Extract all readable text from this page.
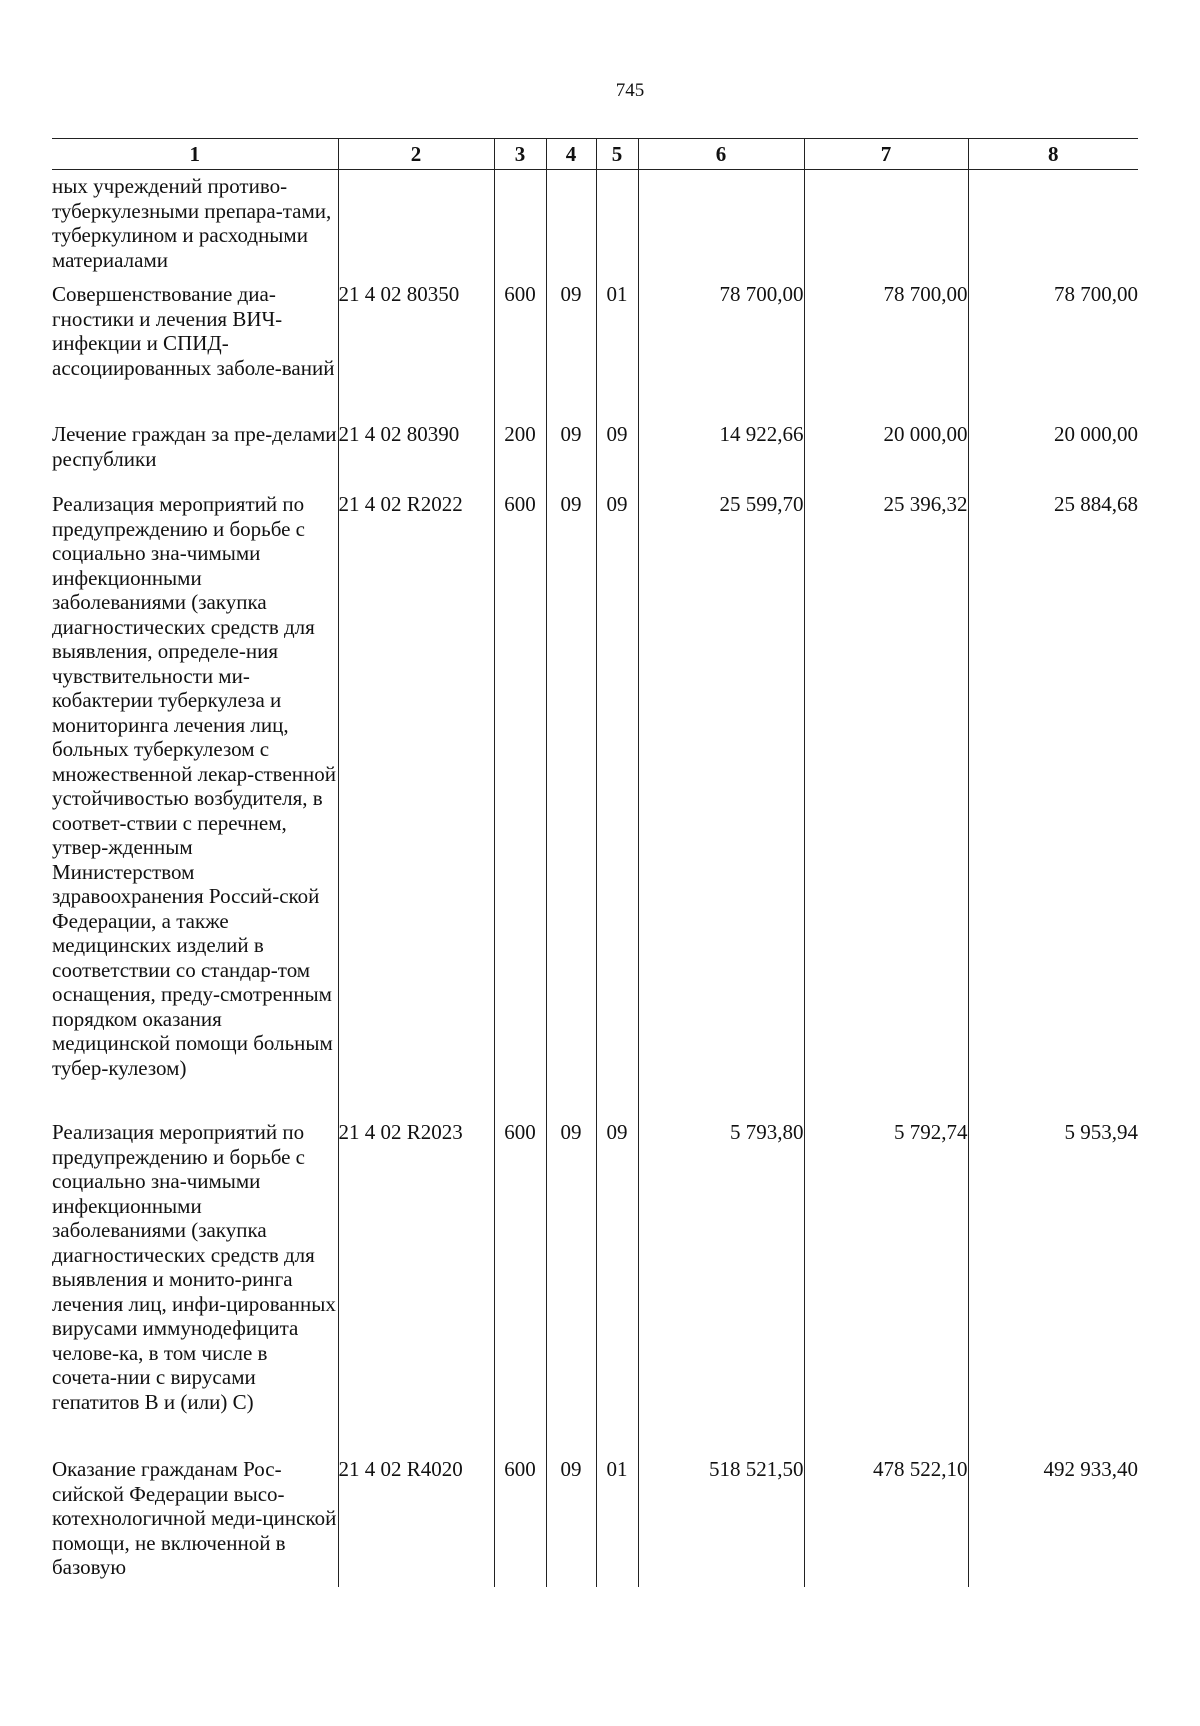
745
1	2	3	4	5	6	7	8
ных учреждений противо-туберкулезными препара-тами, туберкулином и расходными материалами							
Совершенствование диа-гностики и лечения ВИЧ-инфекции и СПИД-ассоциированных заболе-ваний	21 4 02 80350	600	09	01	78 700,00	78 700,00	78 700,00
Лечение граждан за пре-делами республики	21 4 02 80390	200	09	09	14 922,66	20 000,00	20 000,00
Реализация мероприятий по предупреждению и борьбе с социально зна-чимыми инфекционными заболеваниями (закупка диагностических средств для выявления, определе-ния чувствительности ми-кобактерии туберкулеза и мониторинга лечения лиц, больных туберкулезом с множественной лекар-ственной устойчивостью возбудителя, в соответ-ствии с перечнем, утвер-жденным Министерством здравоохранения Россий-ской Федерации, а также медицинских изделий в соответствии со стандар-том оснащения, преду-смотренным порядком оказания медицинской помощи больным тубер-кулезом)	21 4 02 R2022	600	09	09	25 599,70	25 396,32	25 884,68
Реализация мероприятий по предупреждению и борьбе с социально зна-чимыми инфекционными заболеваниями (закупка диагностических средств для выявления и монито-ринга лечения лиц, инфи-цированных вирусами иммунодефицита челове-ка, в том числе в сочета-нии с вирусами гепатитов В и (или) С)	21 4 02 R2023	600	09	09	5 793,80	5 792,74	5 953,94
Оказание гражданам Рос-сийской Федерации высо-котехнологичной меди-цинской помощи, не включенной в базовую	21 4 02 R4020	600	09	01	518 521,50	478 522,10	492 933,40
